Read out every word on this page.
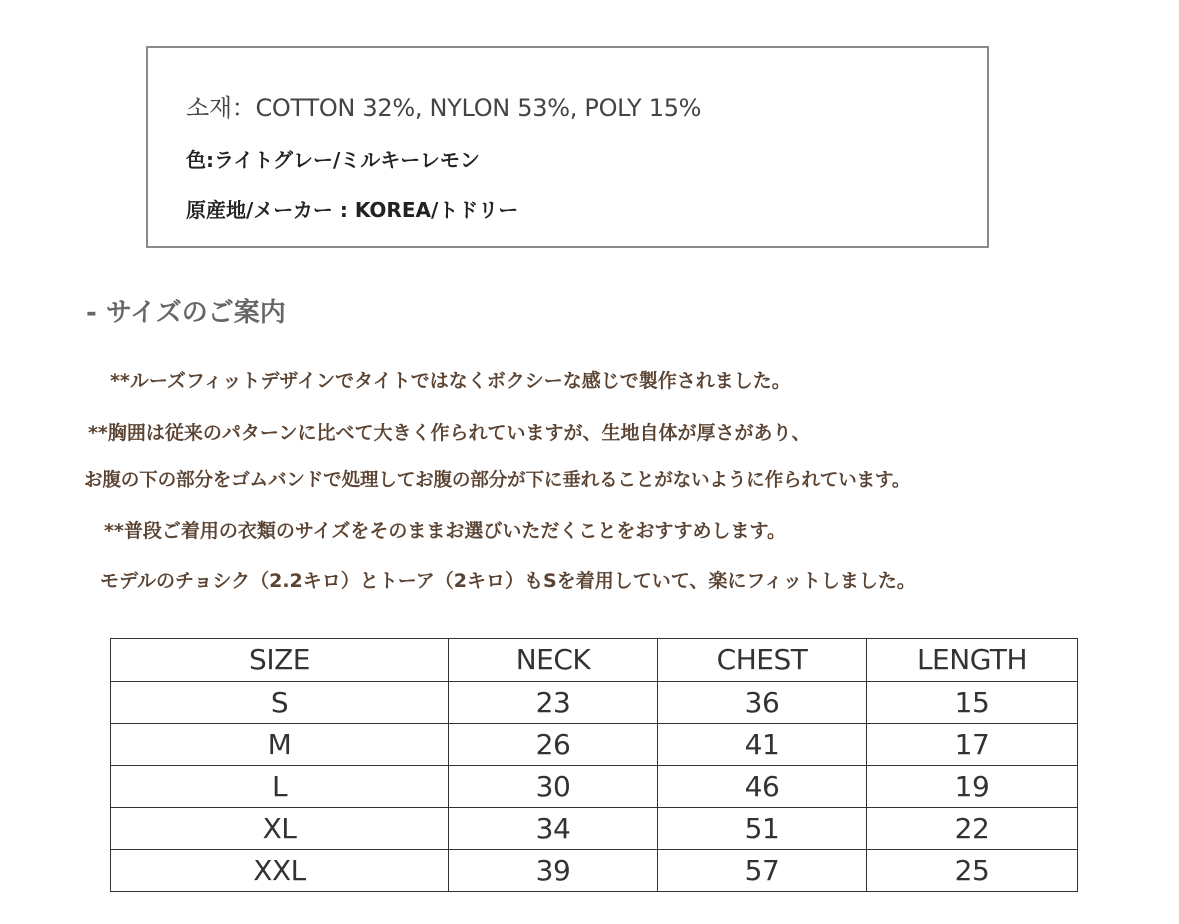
소재：COTTON 32%, NYLON 53%, POLY 15%
色:ライトグレー/ミルキーレモン
原産地/メーカー : KOREA/トドリー
- サイズのご案内
**ルーズフィットデザインでタイトではなくボクシーな感じで製作されました。
**胸囲は従来のパターンに比べて大きく作られていますが、生地自体が厚さがあり、
お腹の下の部分をゴムバンドで処理してお腹の部分が下に垂れることがないように作られています。
**普段ご着用の衣類のサイズをそのままお選びいただくことをおすすめします。
モデルのチョシク（2.2キロ）とトーア（2キロ）もSを着用していて、楽にフィットしました。
SIZE	NECK	CHEST	LENGTH
S	23	36	15
M	26	41	17
L	30	46	19
XL	34	51	22
XXL	39	57	25
